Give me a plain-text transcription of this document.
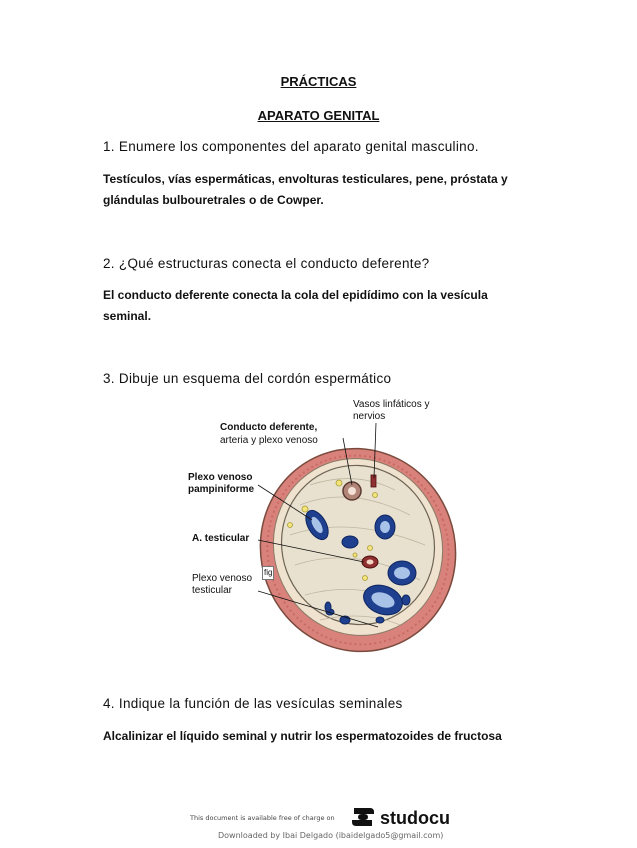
PRÁCTICAS
APARATO GENITAL
1. Enumere los componentes del aparato genital masculino.
Testículos, vías espermáticas, envolturas testiculares, pene, próstata y glándulas bulbouretrales o de Cowper.
2. ¿Qué estructuras conecta el conducto deferente?
El conducto deferente conecta la cola del epidídimo con la vesícula seminal.
3. Dibuje un esquema del cordón espermático
Vasos linfáticos y nervios
Conducto deferente,
arteria y plexo venoso
Plexo venoso pampiniforme
A. testicular
Plexo venoso testicular
fig
4. Indique la función de las vesículas seminales
Alcalinizar el líquido seminal y nutrir los espermatozoides de fructosa
This document is available free of charge on	studocu
Downloaded by Ibai Delgado (ibaidelgado5@gmail.com)
